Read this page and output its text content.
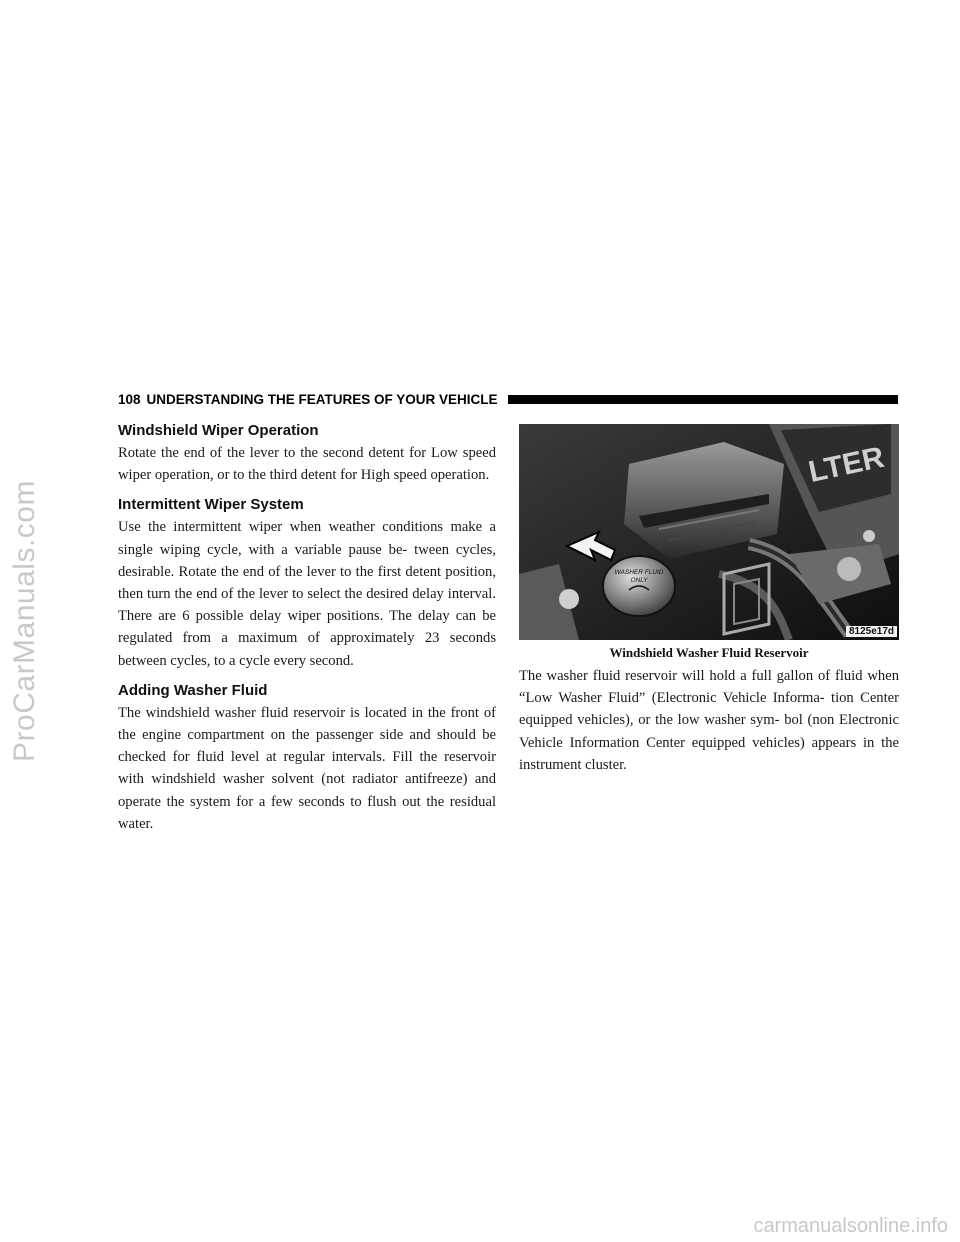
ProCarManuals.com
108 UNDERSTANDING THE FEATURES OF YOUR VEHICLE
Windshield Wiper Operation

Rotate the end of the lever to the second detent for Low speed wiper operation, or to the third detent for High speed operation.

Intermittent Wiper System

Use the intermittent wiper when weather conditions make a single wiping cycle, with a variable pause be- tween cycles, desirable. Rotate the end of the lever to the first detent position, then turn the end of the lever to select the desired delay interval. There are 6 possible delay wiper positions. The delay can be regulated from a maximum of approximately 23 seconds between cycles, to a cycle every second.

Adding Washer Fluid

The windshield washer fluid reservoir is located in the front of the engine compartment on the passenger side and should be checked for fluid level at regular intervals. Fill the reservoir with windshield washer solvent (not radiator antifreeze) and operate the system for a few seconds to flush out the residual water.

LTER
WASHER FLUID
ONLY
8125e17d
Windshield Washer Fluid Reservoir

The washer fluid reservoir will hold a full gallon of fluid when “Low Washer Fluid” (Electronic Vehicle Informa- tion Center equipped vehicles), or the low washer sym- bol (non Electronic Vehicle Information Center equipped vehicles) appears in the instrument cluster.

carmanualsonline.info
